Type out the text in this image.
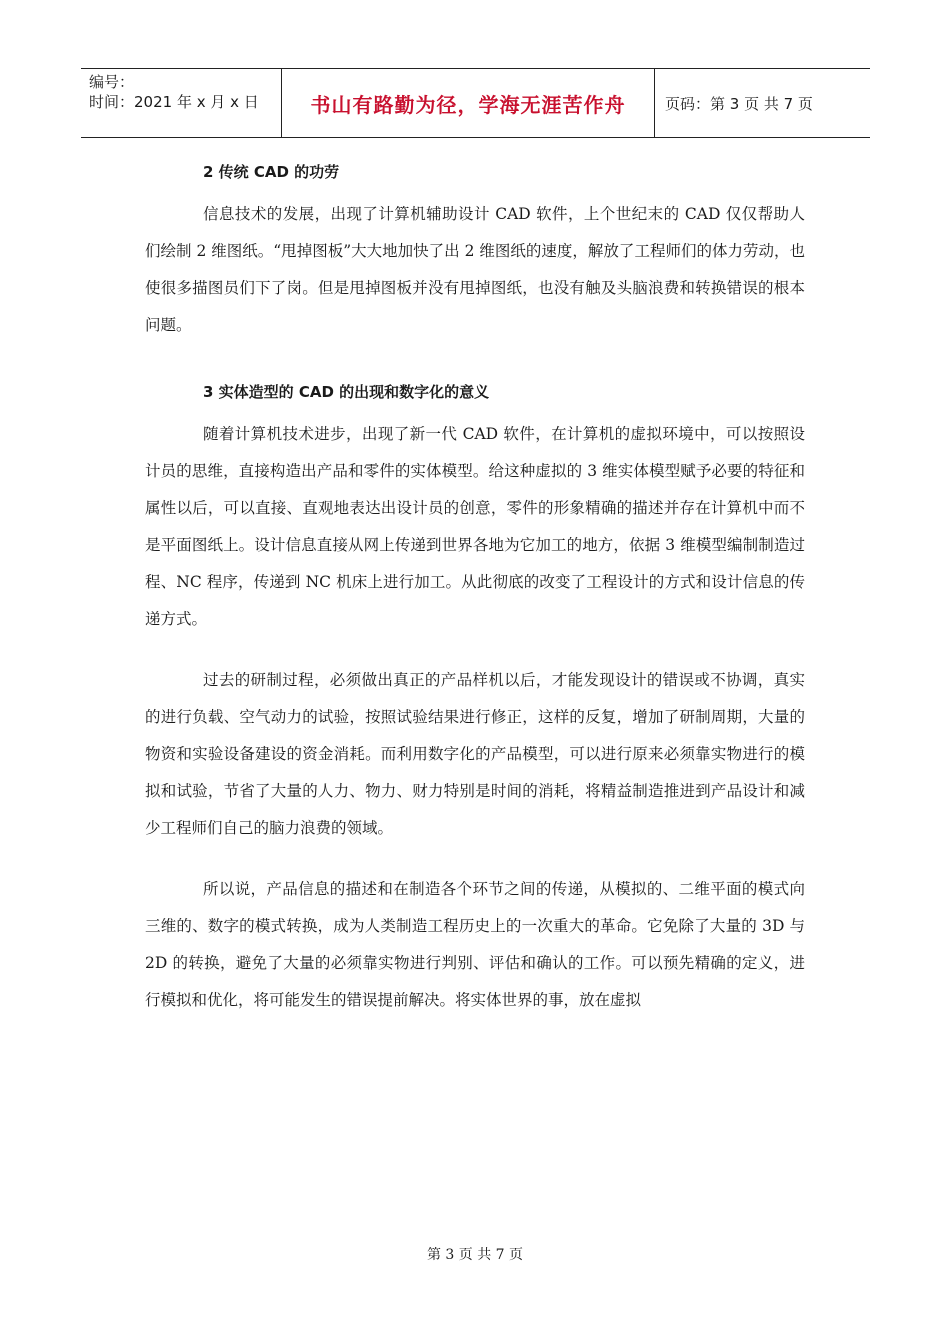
编号：
时间：2021 年 x 月 x 日	书山有路勤为径，学海无涯苦作舟	页码：第 3 页 共 7 页
2 传统 CAD 的功劳

信息技术的发展，出现了计算机辅助设计 CAD 软件，上个世纪末的 CAD 仅仅帮助人们绘制 2 维图纸。“甩掉图板”大大地加快了出 2 维图纸的速度，解放了工程师们的体力劳动，也使很多描图员们下了岗。但是甩掉图板并没有甩掉图纸，也没有触及头脑浪费和转换错误的根本问题。

3 实体造型的 CAD 的出现和数字化的意义

随着计算机技术进步，出现了新一代 CAD 软件，在计算机的虚拟环境中，可以按照设计员的思维，直接构造出产品和零件的实体模型。给这种虚拟的 3 维实体模型赋予必要的特征和属性以后，可以直接、直观地表达出设计员的创意，零件的形象精确的描述并存在计算机中而不是平面图纸上。设计信息直接从网上传递到世界各地为它加工的地方，依据 3 维模型编制制造过程、NC 程序，传递到 NC 机床上进行加工。从此彻底的改变了工程设计的方式和设计信息的传递方式。

过去的研制过程，必须做出真正的产品样机以后，才能发现设计的错误或不协调，真实的进行负载、空气动力的试验，按照试验结果进行修正，这样的反复，增加了研制周期，大量的物资和实验设备建设的资金消耗。而利用数字化的产品模型，可以进行原来必须靠实物进行的模拟和试验，节省了大量的人力、物力、财力特别是时间的消耗，将精益制造推进到产品设计和减少工程师们自己的脑力浪费的领域。

所以说，产品信息的描述和在制造各个环节之间的传递，从模拟的、二维平面的模式向三维的、数字的模式转换，成为人类制造工程历史上的一次重大的革命。它免除了大量的 3D 与 2D 的转换，避免了大量的必须靠实物进行判别、评估和确认的工作。可以预先精确的定义，进行模拟和优化，将可能发生的错误提前解决。将实体世界的事，放在虚拟

第 3 页 共 7 页
